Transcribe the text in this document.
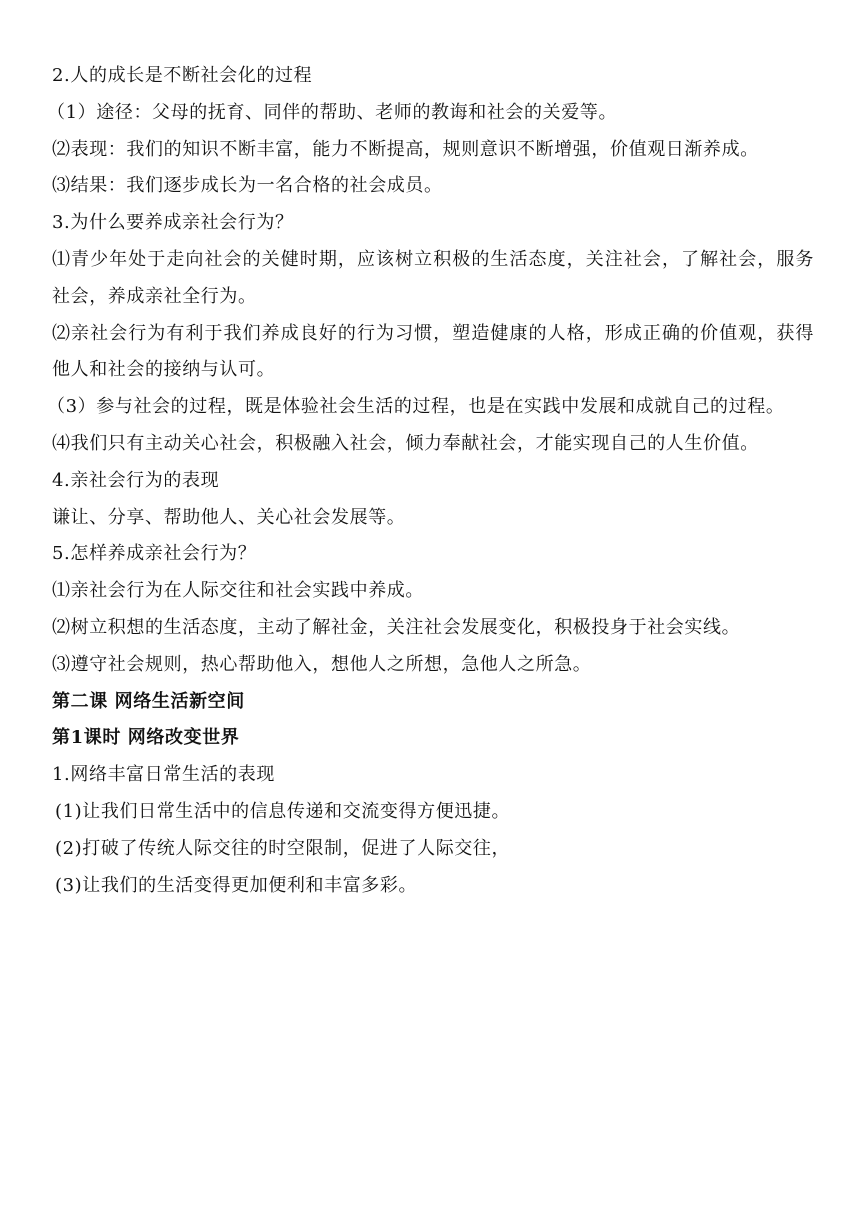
2.人的成长是不断社会化的过程
（1）途径：父母的抚育、同伴的帮助、老师的教诲和社会的关爱等。
⑵表现：我们的知识不断丰富，能力不断提高，规则意识不断增强，价值观日渐养成。
⑶结果：我们逐步成长为一名合格的社会成员。
3.为什么要养成亲社会行为？
⑴青少年处于走向社会的关健时期，应该树立积极的生活态度，关注社会，了解社会，服务社会，养成亲社全行为。
⑵亲社会行为有利于我们养成良好的行为习惯，塑造健康的人格，形成正确的价值观，获得他人和社会的接纳与认可。
（3）参与社会的过程，既是体验社会生活的过程，也是在实践中发展和成就自己的过程。
⑷我们只有主动关心社会，积极融入社会，倾力奉献社会，才能实现自己的人生价值。
4.亲社会行为的表现
谦让、分享、帮助他人、关心社会发展等。
5.怎样养成亲社会行为？
⑴亲社会行为在人际交往和社会实践中养成。
⑵树立积想的生活态度，主动了解社金，关注社会发展变化，积极投身于社会实线。
⑶遵守社会规则，热心帮助他入，想他人之所想，急他人之所急。
第二课 网络生活新空间
第1课时 网络改变世界
1.网络丰富日常生活的表现
(1)让我们日常生活中的信息传递和交流变得方便迅捷。
(2)打破了传统人际交往的时空限制，促进了人际交往，
(3)让我们的生活变得更加便利和丰富多彩。
